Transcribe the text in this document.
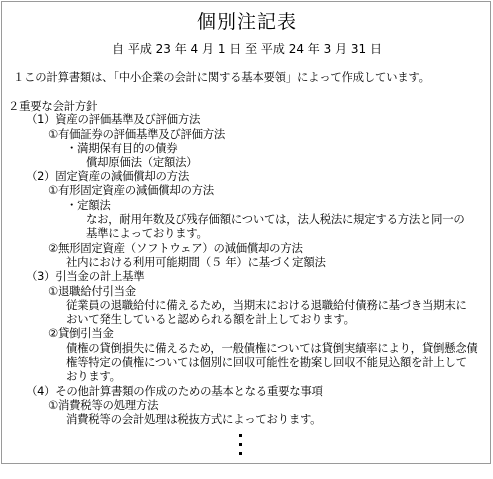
個別注記表
自 平成 23 年 4 月 1 日 至 平成 24 年 3 月 31 日
１この計算書類は、「中小企業の会計に関する基本要領」によって作成しています。
２重要な会計方針
（1）資産の評価基準及び評価方法
①有価証券の評価基準及び評価方法
・満期保有目的の債券
償却原価法（定額法）
（2）固定資産の減価償却の方法
①有形固定資産の減価償却の方法
・定額法
なお，耐用年数及び残存価額については，法人税法に規定する方法と同一の
基準によっております。
②無形固定資産（ソフトウェア）の減価償却の方法
社内における利用可能期間（５ 年）に基づく定額法
（3）引当金の計上基準
①退職給付引当金
従業員の退職給付に備えるため，当期末における退職給付債務に基づき当期末に
おいて発生していると認められる額を計上しております。
②貸倒引当金
債権の貸倒損失に備えるため，一般債権については貸倒実績率により，貸倒懸念債
権等特定の債権については個別に回収可能性を勘案し回収不能見込額を計上して
おります。
（4）その他計算書類の作成のための基本となる重要な事項
①消費税等の処理方法
消費税等の会計処理は税抜方式によっております。
